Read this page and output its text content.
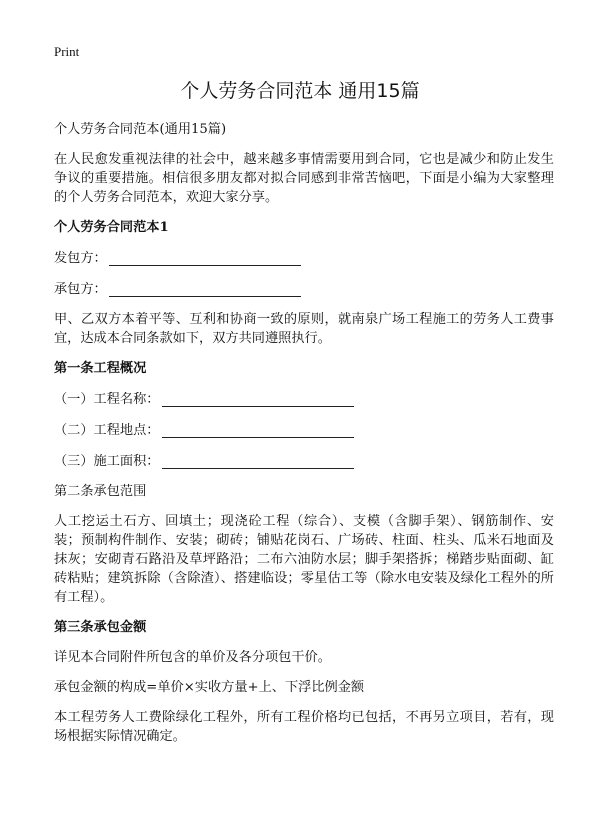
Print
个人劳务合同范本 通用15篇

个人劳务合同范本(通用15篇)

在人民愈发重视法律的社会中，越来越多事情需要用到合同，它也是减少和防止发生争议的重要措施。相信很多朋友都对拟合同感到非常苦恼吧，下面是小编为大家整理的个人劳务合同范本，欢迎大家分享。

个人劳务合同范本1

发包方：
承包方：

甲、乙双方本着平等、互利和协商一致的原则，就南泉广场工程施工的劳务人工费事宜，达成本合同条款如下，双方共同遵照执行。

第一条工程概况

（一）工程名称：
（二）工程地点：
（三）施工面积：

第二条承包范围

人工挖运土石方、回填土；现浇砼工程（综合）、支模（含脚手架）、钢筋制作、安装；预制构件制作、安装；砌砖；铺贴花岗石、广场砖、柱面、柱头、瓜米石地面及抹灰；安砌青石路沿及草坪路沿；二布六油防水层；脚手架搭拆；梯踏步贴面砌、缸砖粘贴；建筑拆除（含除渣）、搭建临设；零星估工等（除水电安装及绿化工程外的所有工程）。

第三条承包金额

详见本合同附件所包含的单价及各分项包干价。

承包金额的构成=单价×实收方量+上、下浮比例金额

本工程劳务人工费除绿化工程外，所有工程价格均已包括，不再另立项目，若有，现场根据实际情况确定。
